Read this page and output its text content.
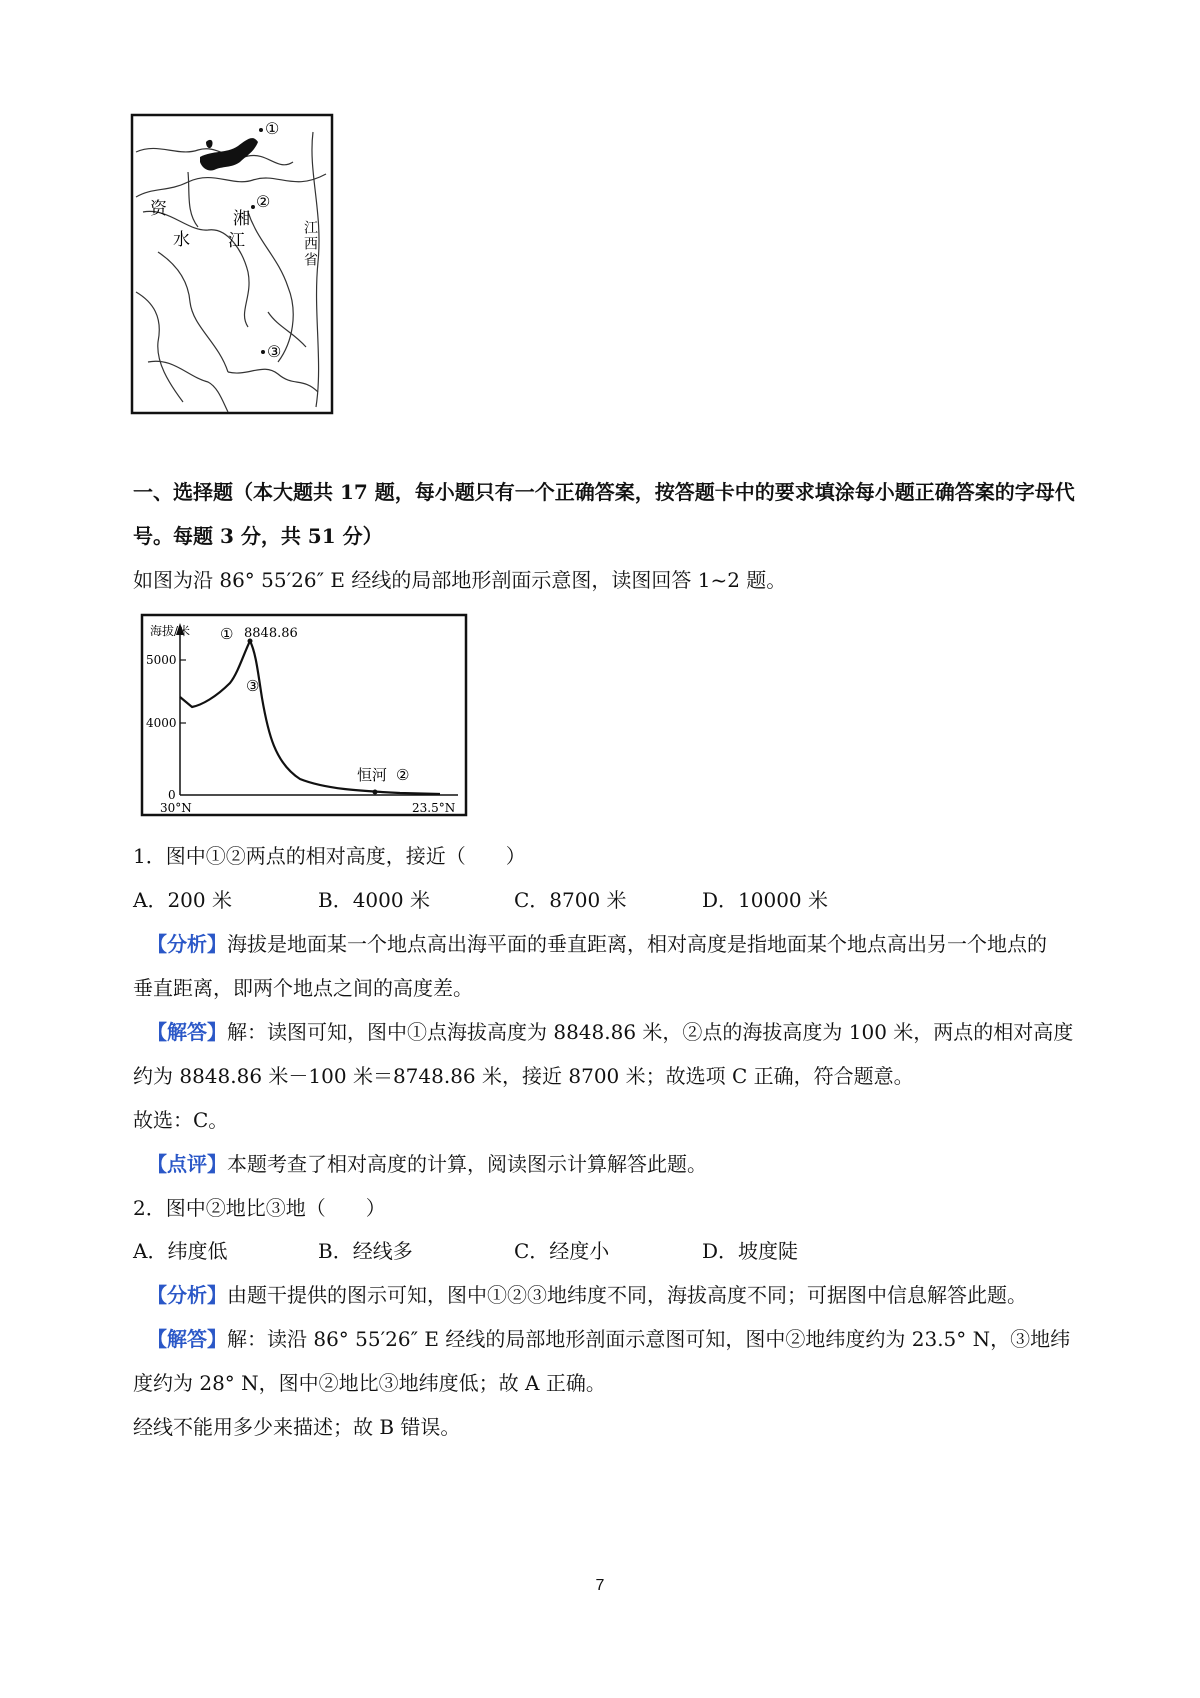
①
②
③
资
水
湘
江	江西省
一、选择题（本大题共 17 题，每小题只有一个正确答案，按答题卡中的要求填涂每小题正确答案的字母代
号。每题 3 分，共 51 分）
如图为沿 86° 55′26″ E 经线的局部地形剖面示意图，读图回答 1~2 题。
海拔/米
5000
4000
0
① 8848.86
③
恒河 ②
30°N	23.5°N
1．图中①②两点的相对高度，接近（　　）
A．200 米	B．4000 米	C．8700 米	D．10000 米
【分析】海拔是地面某一个地点高出海平面的垂直距离，相对高度是指地面某个地点高出另一个地点的
垂直距离，即两个地点之间的高度差。
【解答】解：读图可知，图中①点海拔高度为 8848.86 米，②点的海拔高度为 100 米，两点的相对高度
约为 8848.86 米－100 米＝8748.86 米，接近 8700 米；故选项 C 正确，符合题意。
故选：C。
【点评】本题考查了相对高度的计算，阅读图示计算解答此题。
2．图中②地比③地（　　）
A．纬度低	B．经线多	C．经度小	D．坡度陡
【分析】由题干提供的图示可知，图中①②③地纬度不同，海拔高度不同；可据图中信息解答此题。
【解答】解：读沿 86° 55′26″ E 经线的局部地形剖面示意图可知，图中②地纬度约为 23.5° N，③地纬
度约为 28° N，图中②地比③地纬度低；故 A 正确。
经线不能用多少来描述；故 B 错误。
7
